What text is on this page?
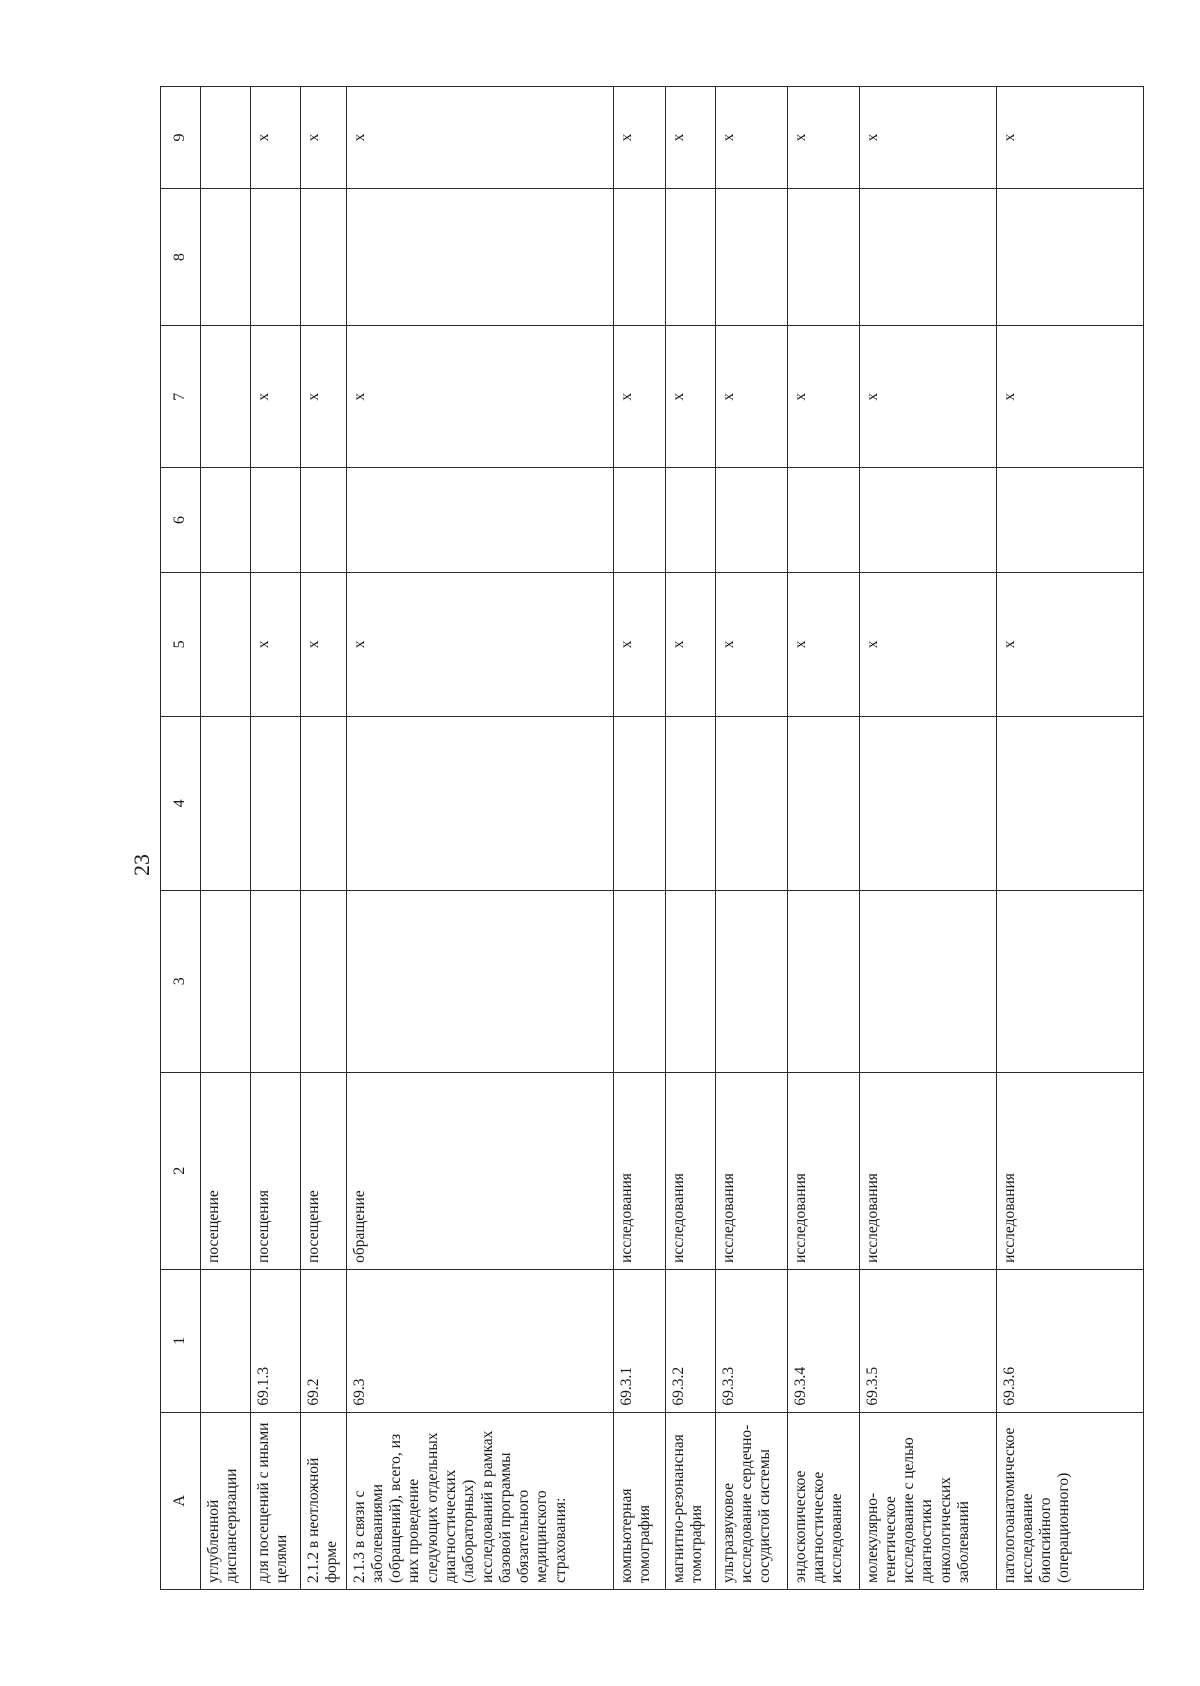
23
A	1	2	3	4	5	6	7	8	9
углубленной диспансеризации		посещение							
для посещений с иными целями	69.1.3	посещения			x		x		x
2.1.2 в неотложной форме	69.2	посещение			x		x		x
2.1.3 в связи с заболеваниями (обращений), всего, из них проведение следующих отдельных диагностических (лабораторных) исследований в рамках базовой программы обязательного медицинского страхования:	69.3	обращение			x		x		x
компьютерная томография	69.3.1	исследования			x		x		x
магнитно-резонансная томография	69.3.2	исследования			x		x		x
ультразвуковое исследование сердечно-сосудистой системы	69.3.3	исследования			x		x		x
эндоскопическое диагностическое исследование	69.3.4	исследования			x		x		x
молекулярно-генетическое исследование с целью диагностики онкологических заболеваний	69.3.5	исследования			x		x		x
патологоанатомическое исследование биопсийного (операционного)	69.3.6	исследования			x		x		x
